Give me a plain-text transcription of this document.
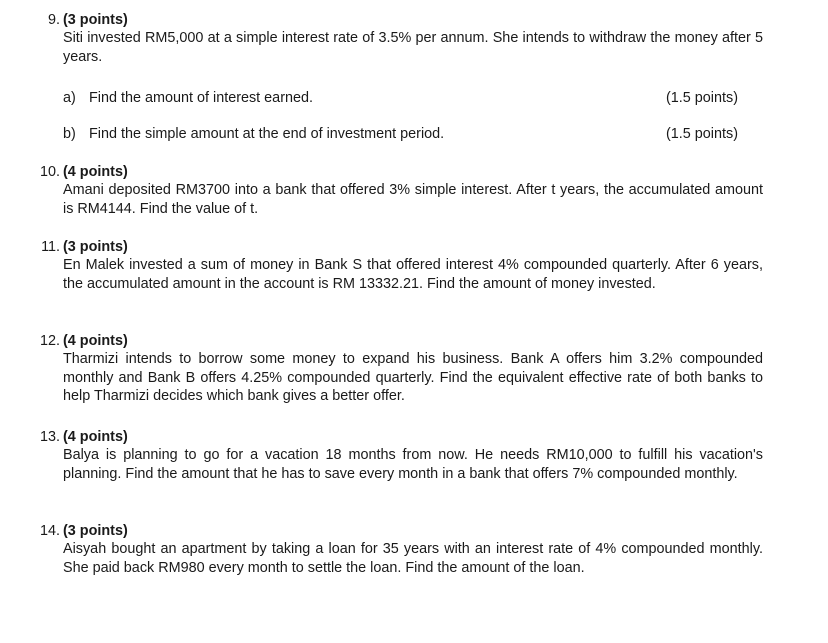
9. (3 points)
Siti invested RM5,000 at a simple interest rate of 3.5% per annum. She intends to withdraw the money after 5 years.
a) Find the amount of interest earned.	(1.5 points)
b) Find the simple amount at the end of investment period.	(1.5 points)
10. (4 points)
Amani deposited RM3700 into a bank that offered 3% simple interest. After t years, the accumulated amount is RM4144. Find the value of t.
11. (3 points)
En Malek invested a sum of money in Bank S that offered interest 4% compounded quarterly. After 6 years, the accumulated amount in the account is RM 13332.21. Find the amount of money invested.
12. (4 points)
Tharmizi intends to borrow some money to expand his business. Bank A offers him 3.2% compounded monthly and Bank B offers 4.25% compounded quarterly. Find the equivalent effective rate of both banks to help Tharmizi decides which bank gives a better offer.
13. (4 points)
Balya is planning to go for a vacation 18 months from now. He needs RM10,000 to fulfill his vacation's planning. Find the amount that he has to save every month in a bank that offers 7% compounded monthly.
14. (3 points)
Aisyah bought an apartment by taking a loan for 35 years with an interest rate of 4% compounded monthly. She paid back RM980 every month to settle the loan. Find the amount of the loan.
